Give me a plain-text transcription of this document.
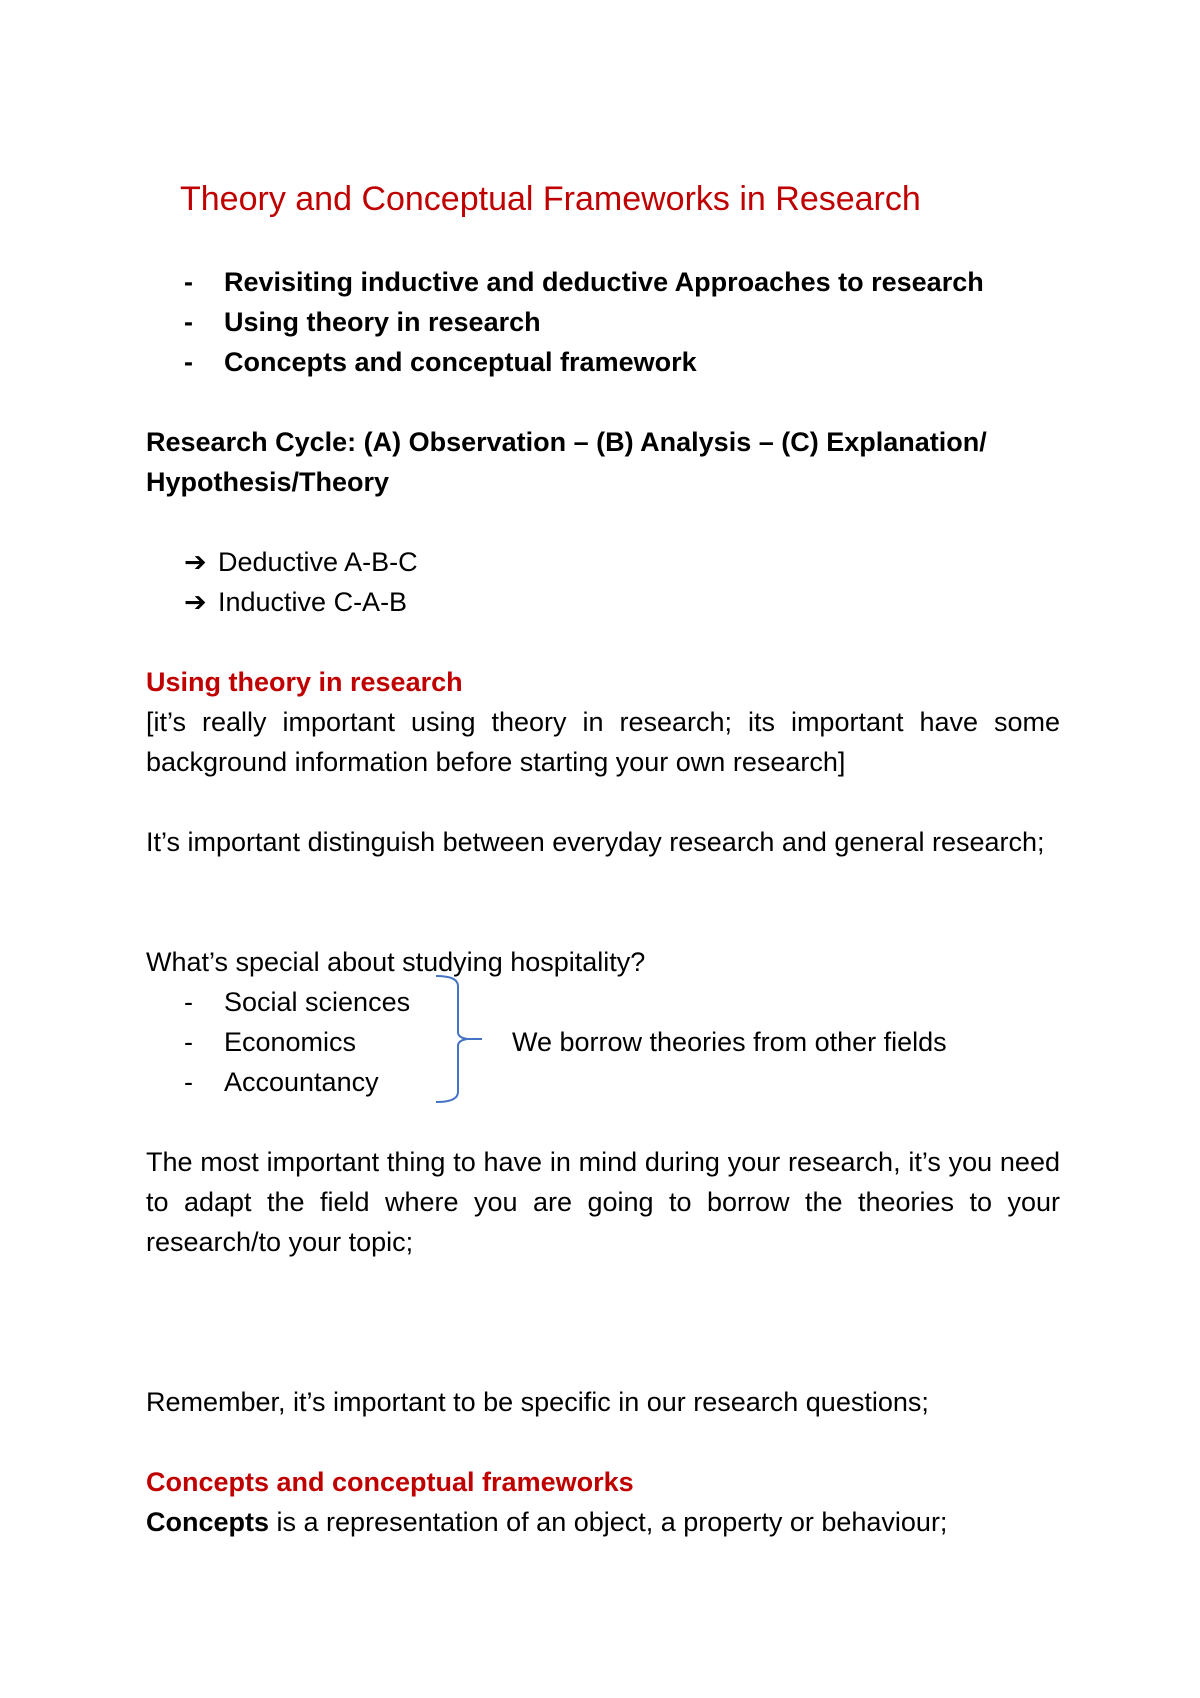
Theory and Conceptual Frameworks in Research
- Revisiting inductive and deductive Approaches to research
- Using theory in research
- Concepts and conceptual framework
Research Cycle: (A) Observation – (B) Analysis – (C) Explanation/
Hypothesis/Theory
➔ Deductive A-B-C
➔ Inductive C-A-B
Using theory in research
[it’s really important using theory in research; its important have some background information before starting your own research]
It’s important distinguish between everyday research and general research;
What’s special about studying hospitality?
- Social sciences
- Economics
- Accountancy
We borrow theories from other fields
The most important thing to have in mind during your research, it’s you need to adapt the field where you are going to borrow the theories to your research/to your topic;
Remember, it’s important to be specific in our research questions;
Concepts and conceptual frameworks
Concepts is a representation of an object, a property or behaviour;
